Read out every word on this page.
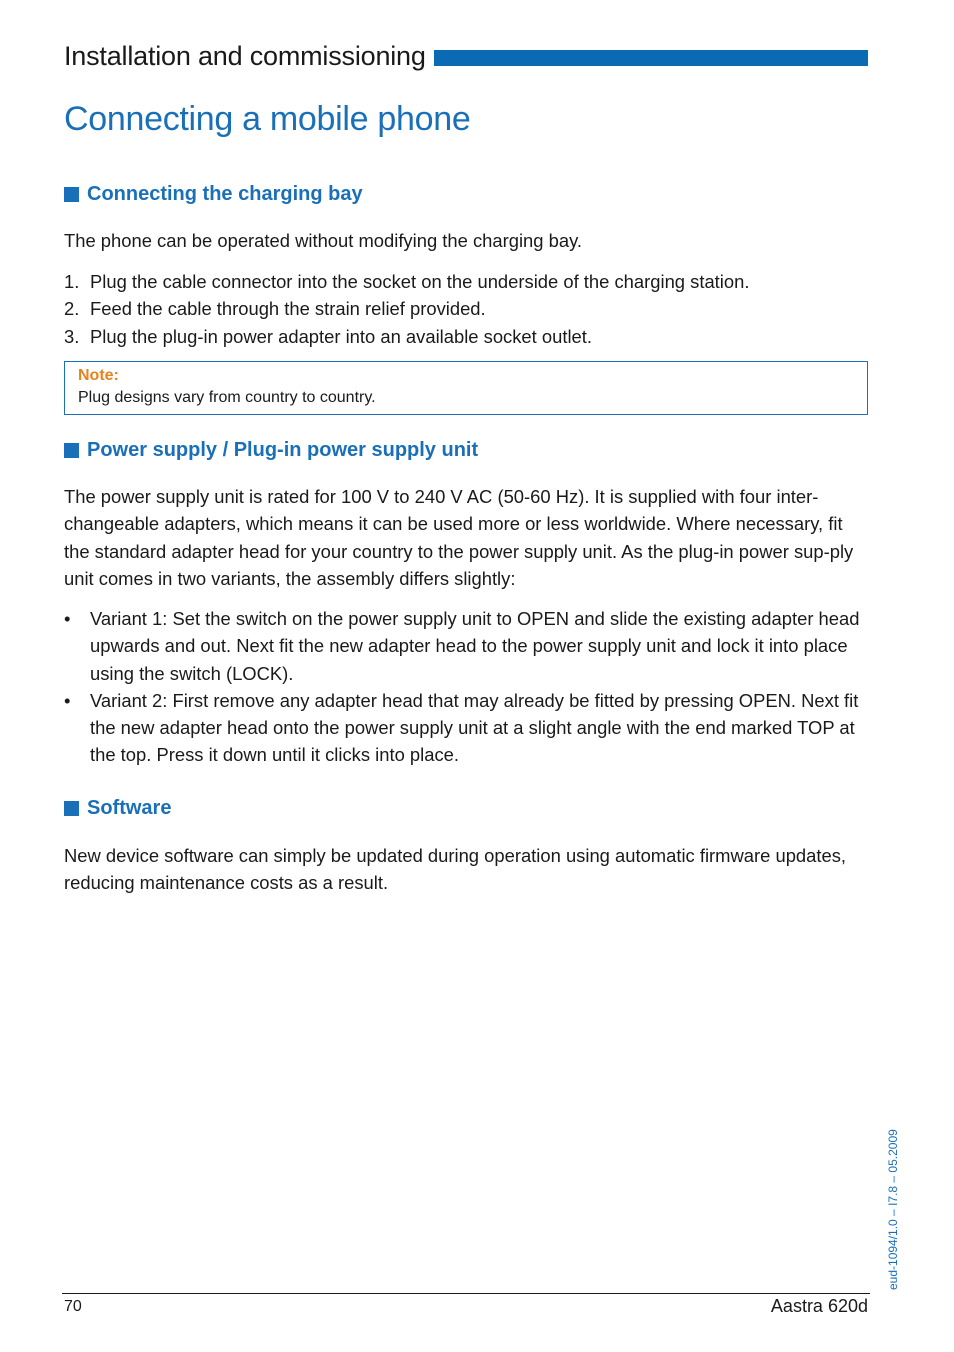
Installation and commissioning
Connecting a mobile phone
Connecting the charging bay

The phone can be operated without modifying the charging bay.

1. Plug the cable connector into the socket on the underside of the charging station.
2. Feed the cable through the strain relief provided.
3. Plug the plug-in power adapter into an available socket outlet.
Note:
Plug designs vary from country to country.
Power supply / Plug-in power supply unit

The power supply unit is rated for 100 V to 240 V AC (50-60 Hz). It is supplied with four inter-changeable adapters, which means it can be used more or less worldwide. Where necessary, fit the standard adapter head for your country to the power supply unit. As the plug-in power sup-ply unit comes in two variants, the assembly differs slightly:

• Variant 1: Set the switch on the power supply unit to OPEN and slide the existing adapter head upwards and out. Next fit the new adapter head to the power supply unit and lock it into place using the switch (LOCK).
• Variant 2: First remove any adapter head that may already be fitted by pressing OPEN. Next fit the new adapter head onto the power supply unit at a slight angle with the end marked TOP at the top. Press it down until it clicks into place.
Software

New device software can simply be updated during operation using automatic firmware updates, reducing maintenance costs as a result.

eud-1094/1.0 – I7.8 – 05.2009
70	Aastra 620d
